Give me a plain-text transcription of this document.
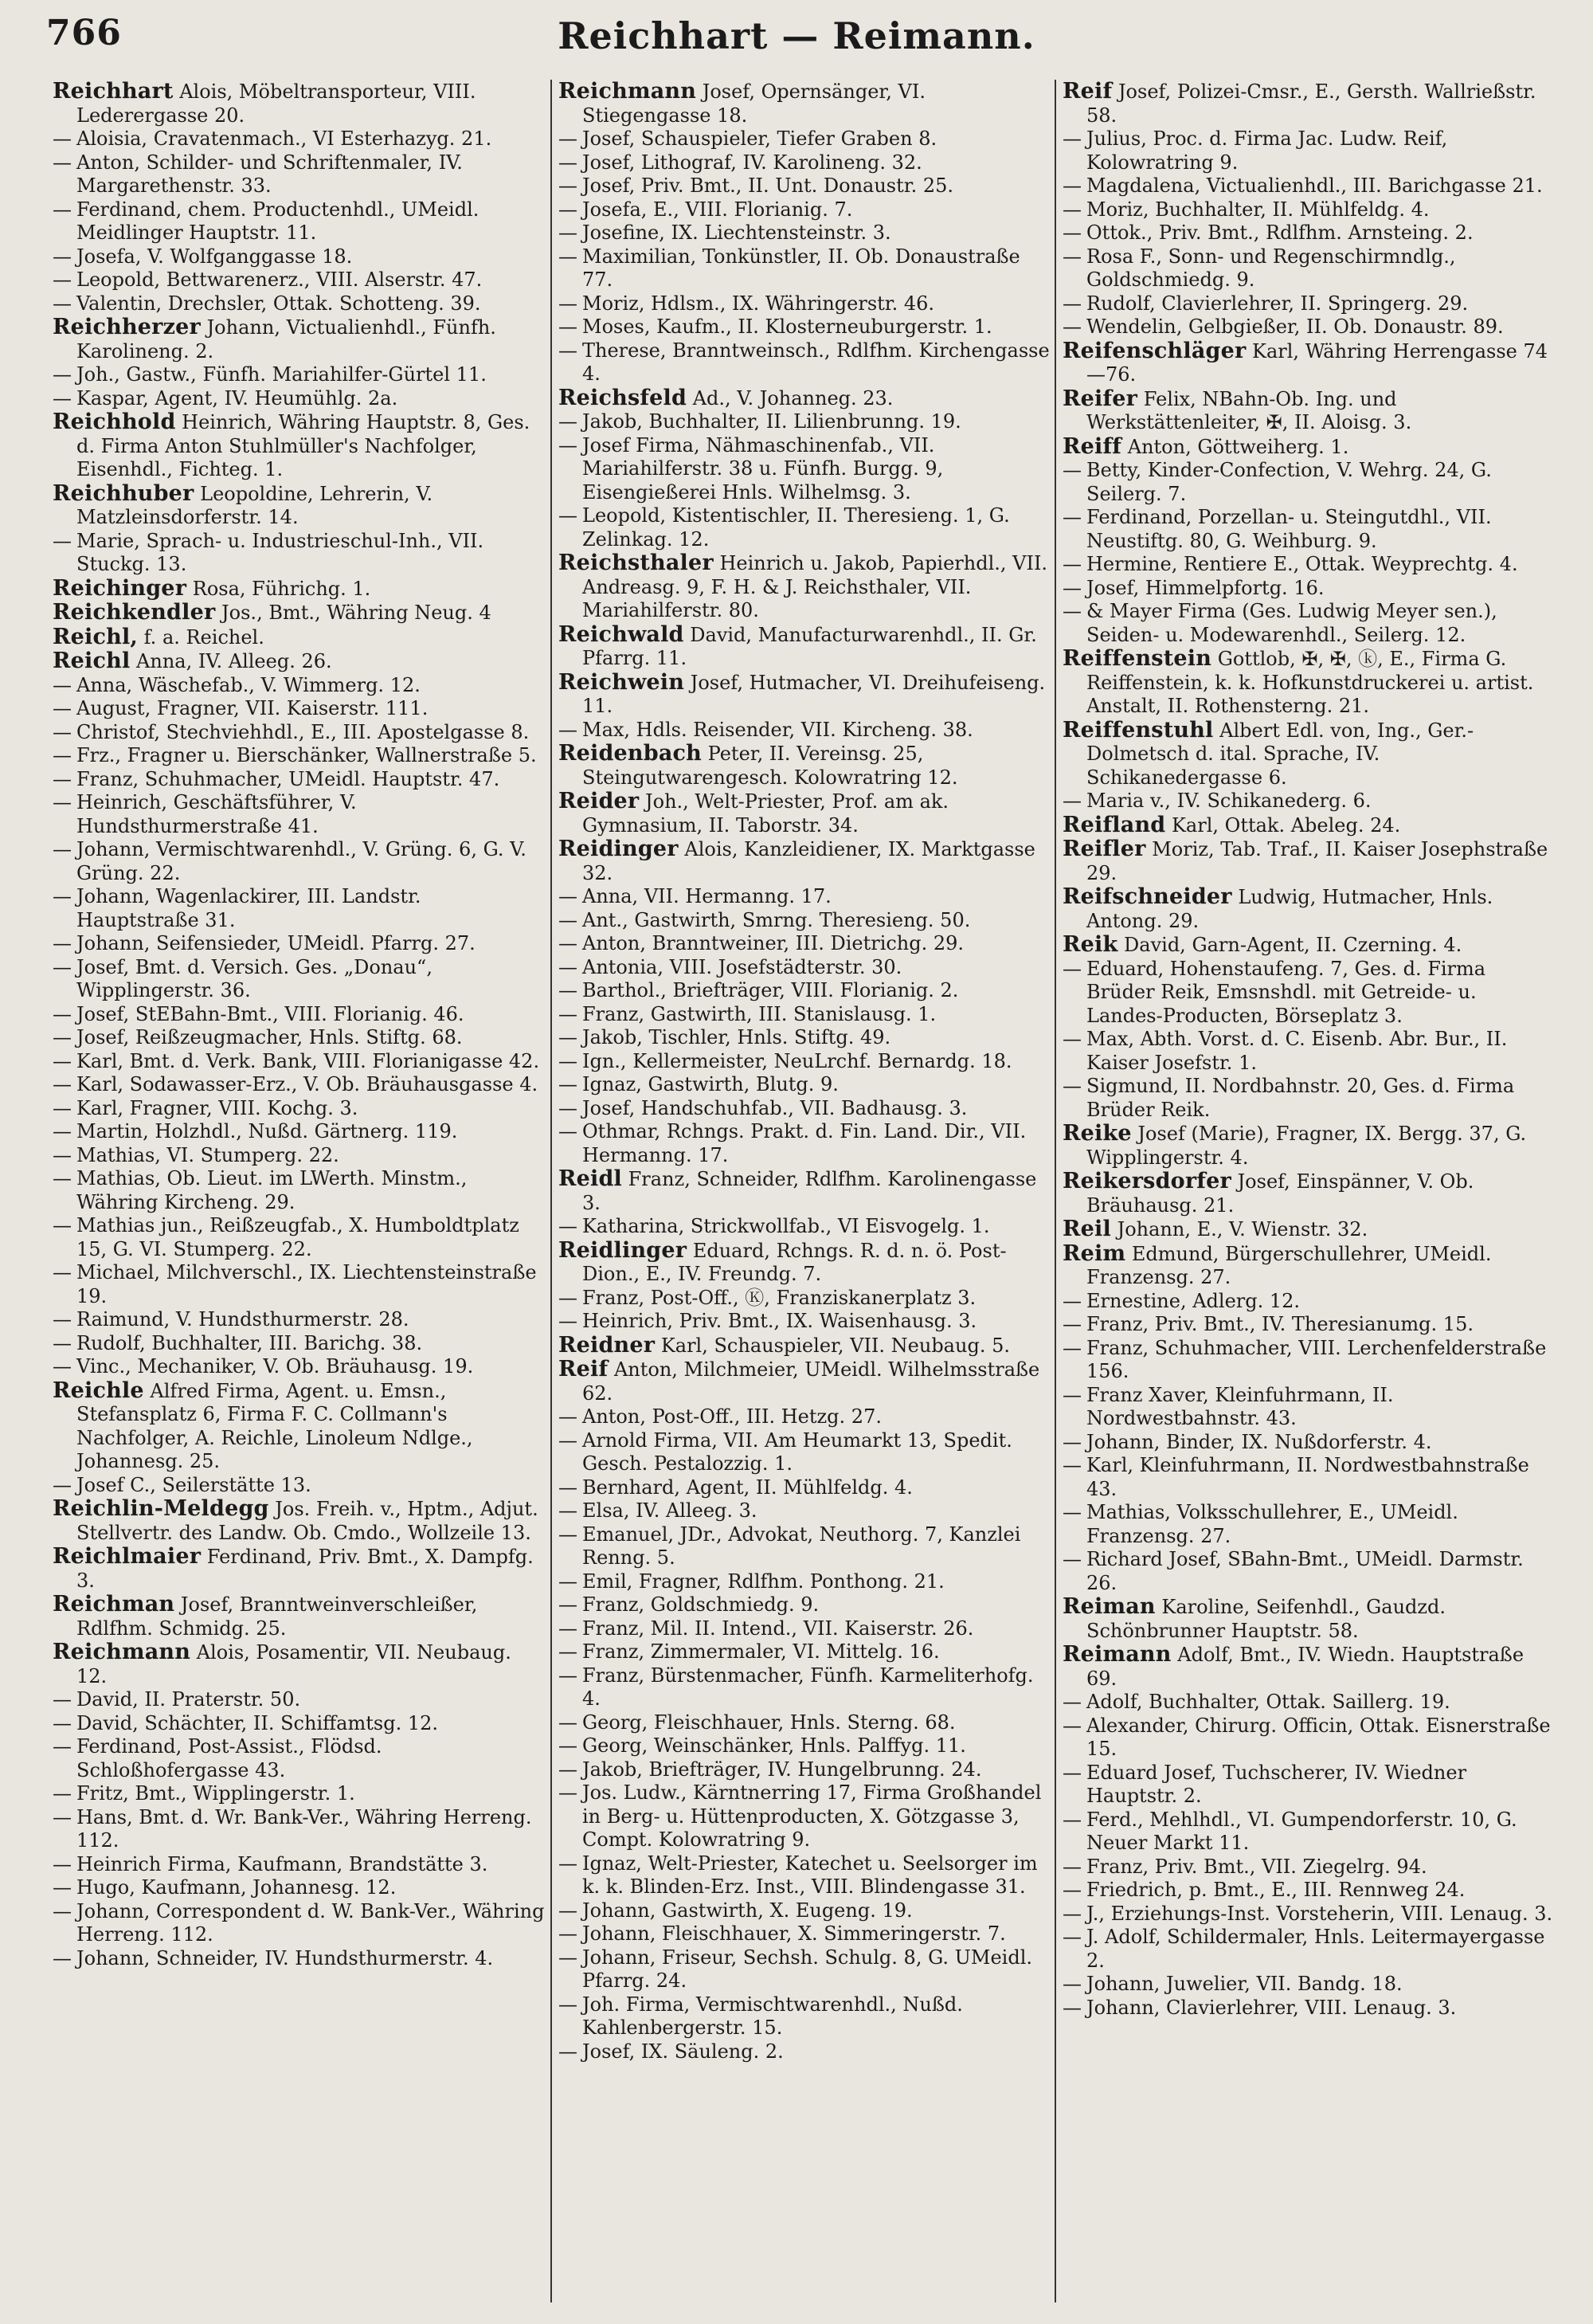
766	Reichhart — Reimann.
Reichhart Alois, Möbeltransporteur, VIII. Lederergasse 20.
— Aloisia, Cravatenmach., VI Esterhazyg. 21.
— Anton, Schilder- und Schriftenmaler, IV. Margarethenstr. 33.
— Ferdinand, chem. Productenhdl., UMeidl. Meidlinger Hauptstr. 11.
— Josefa, V. Wolfganggasse 18.
— Leopold, Bettwarenerz., VIII. Alserstr. 47.
— Valentin, Drechsler, Ottak. Schotteng. 39.
Reichherzer Johann, Victualienhdl., Fünfh. Karolineng. 2.
— Joh., Gastw., Fünfh. Mariahilfer-Gürtel 11.
— Kaspar, Agent, IV. Heumühlg. 2a.
Reichhold Heinrich, Währing Hauptstr. 8, Ges. d. Firma Anton Stuhlmüller's Nachfolger, Eisenhdl., Fichteg. 1.
Reichhuber Leopoldine, Lehrerin, V. Matzleinsdorferstr. 14.
— Marie, Sprach- u. Industrieschul-Inh., VII. Stuckg. 13.
Reichinger Rosa, Führichg. 1.
Reichkendler Jos., Bmt., Währing Neug. 4
Reichl, f. a. Reichel.
Reichl Anna, IV. Alleeg. 26.
— Anna, Wäschefab., V. Wimmerg. 12.
— August, Fragner, VII. Kaiserstr. 111.
— Christof, Stechviehhdl., E., III. Apostelgasse 8.
— Frz., Fragner u. Bierschänker, Wallnerstraße 5.
— Franz, Schuhmacher, UMeidl. Hauptstr. 47.
— Heinrich, Geschäftsführer, V. Hundsthurmerstraße 41.
— Johann, Vermischtwarenhdl., V. Grüng. 6, G. V. Grüng. 22.
— Johann, Wagenlackirer, III. Landstr. Hauptstraße 31.
— Johann, Seifensieder, UMeidl. Pfarrg. 27.
— Josef, Bmt. d. Versich. Ges. „Donau“, Wipplingerstr. 36.
— Josef, StEBahn-Bmt., VIII. Florianig. 46.
— Josef, Reißzeugmacher, Hnls. Stiftg. 68.
— Karl, Bmt. d. Verk. Bank, VIII. Florianigasse 42.
— Karl, Sodawasser-Erz., V. Ob. Bräuhausgasse 4.
— Karl, Fragner, VIII. Kochg. 3.
— Martin, Holzhdl., Nußd. Gärtnerg. 119.
— Mathias, VI. Stumperg. 22.
— Mathias, Ob. Lieut. im LWerth. Minstm., Währing Kircheng. 29.
— Mathias jun., Reißzeugfab., X. Humboldtplatz 15, G. VI. Stumperg. 22.
— Michael, Milchverschl., IX. Liechtensteinstraße 19.
— Raimund, V. Hundsthurmerstr. 28.
— Rudolf, Buchhalter, III. Barichg. 38.
— Vinc., Mechaniker, V. Ob. Bräuhausg. 19.
Reichle Alfred Firma, Agent. u. Emsn., Stefansplatz 6, Firma F. C. Collmann's Nachfolger, A. Reichle, Linoleum Ndlge., Johannesg. 25.
— Josef C., Seilerstätte 13.
Reichlin-Meldegg Jos. Freih. v., Hptm., Adjut. Stellvertr. des Landw. Ob. Cmdo., Wollzeile 13.
Reichlmaier Ferdinand, Priv. Bmt., X. Dampfg. 3.
Reichman Josef, Branntweinverschleißer, Rdlfhm. Schmidg. 25.
Reichmann Alois, Posamentir, VII. Neubaug. 12.
— David, II. Praterstr. 50.
— David, Schächter, II. Schiffamtsg. 12.
— Ferdinand, Post-Assist., Flödsd. Schloßhofergasse 43.
— Fritz, Bmt., Wipplingerstr. 1.
— Hans, Bmt. d. Wr. Bank-Ver., Währing Herreng. 112.
— Heinrich Firma, Kaufmann, Brandstätte 3.
— Hugo, Kaufmann, Johannesg. 12.
— Johann, Correspondent d. W. Bank-Ver., Währing Herreng. 112.
— Johann, Schneider, IV. Hundsthurmerstr. 4.
Reichmann Josef, Opernsänger, VI. Stiegengasse 18.
— Josef, Schauspieler, Tiefer Graben 8.
— Josef, Lithograf, IV. Karolineng. 32.
— Josef, Priv. Bmt., II. Unt. Donaustr. 25.
— Josefa, E., VIII. Florianig. 7.
— Josefine, IX. Liechtensteinstr. 3.
— Maximilian, Tonkünstler, II. Ob. Donaustraße 77.
— Moriz, Hdlsm., IX. Währingerstr. 46.
— Moses, Kaufm., II. Klosterneuburgerstr. 1.
— Therese, Branntweinsch., Rdlfhm. Kirchengasse 4.
Reichsfeld Ad., V. Johanneg. 23.
— Jakob, Buchhalter, II. Lilienbrunng. 19.
— Josef Firma, Nähmaschinenfab., VII. Mariahilferstr. 38 u. Fünfh. Burgg. 9, Eisengießerei Hnls. Wilhelmsg. 3.
— Leopold, Kistentischler, II. Theresieng. 1, G. Zelinkag. 12.
Reichsthaler Heinrich u. Jakob, Papierhdl., VII. Andreasg. 9, F. H. & J. Reichsthaler, VII. Mariahilferstr. 80.
Reichwald David, Manufacturwarenhdl., II. Gr. Pfarrg. 11.
Reichwein Josef, Hutmacher, VI. Dreihufeiseng. 11.
— Max, Hdls. Reisender, VII. Kircheng. 38.
Reidenbach Peter, II. Vereinsg. 25, Steingutwarengesch. Kolowratring 12.
Reider Joh., Welt-Priester, Prof. am ak. Gymnasium, II. Taborstr. 34.
Reidinger Alois, Kanzleidiener, IX. Marktgasse 32.
— Anna, VII. Hermanng. 17.
— Ant., Gastwirth, Smrng. Theresieng. 50.
— Anton, Branntweiner, III. Dietrichg. 29.
— Antonia, VIII. Josefstädterstr. 30.
— Barthol., Briefträger, VIII. Florianig. 2.
— Franz, Gastwirth, III. Stanislausg. 1.
— Jakob, Tischler, Hnls. Stiftg. 49.
— Ign., Kellermeister, NeuLrchf. Bernardg. 18.
— Ignaz, Gastwirth, Blutg. 9.
— Josef, Handschuhfab., VII. Badhausg. 3.
— Othmar, Rchngs. Prakt. d. Fin. Land. Dir., VII. Hermanng. 17.
Reidl Franz, Schneider, Rdlfhm. Karolinengasse 3.
— Katharina, Strickwollfab., VI Eisvogelg. 1.
Reidlinger Eduard, Rchngs. R. d. n. ö. Post-Dion., E., IV. Freundg. 7.
— Franz, Post-Off., Ⓚ, Franziskanerplatz 3.
— Heinrich, Priv. Bmt., IX. Waisenhausg. 3.
Reidner Karl, Schauspieler, VII. Neubaug. 5.
Reif Anton, Milchmeier, UMeidl. Wilhelmsstraße 62.
— Anton, Post-Off., III. Hetzg. 27.
— Arnold Firma, VII. Am Heumarkt 13, Spedit. Gesch. Pestalozzig. 1.
— Bernhard, Agent, II. Mühlfeldg. 4.
— Elsa, IV. Alleeg. 3.
— Emanuel, JDr., Advokat, Neuthorg. 7, Kanzlei Renng. 5.
— Emil, Fragner, Rdlfhm. Ponthong. 21.
— Franz, Goldschmiedg. 9.
— Franz, Mil. II. Intend., VII. Kaiserstr. 26.
— Franz, Zimmermaler, VI. Mittelg. 16.
— Franz, Bürstenmacher, Fünfh. Karmeliterhofg. 4.
— Georg, Fleischhauer, Hnls. Sterng. 68.
— Georg, Weinschänker, Hnls. Palffyg. 11.
— Jakob, Briefträger, IV. Hungelbrunng. 24.
— Jos. Ludw., Kärntnerring 17, Firma Großhandel in Berg- u. Hüttenproducten, X. Götzgasse 3, Compt. Kolowratring 9.
— Ignaz, Welt-Priester, Katechet u. Seelsorger im k. k. Blinden-Erz. Inst., VIII. Blindengasse 31.
— Johann, Gastwirth, X. Eugeng. 19.
— Johann, Fleischhauer, X. Simmeringerstr. 7.
— Johann, Friseur, Sechsh. Schulg. 8, G. UMeidl. Pfarrg. 24.
— Joh. Firma, Vermischtwarenhdl., Nußd. Kahlenbergerstr. 15.
— Josef, IX. Säuleng. 2.
Reif Josef, Polizei-Cmsr., E., Gersth. Wallrießstr. 58.
— Julius, Proc. d. Firma Jac. Ludw. Reif, Kolowratring 9.
— Magdalena, Victualienhdl., III. Barichgasse 21.
— Moriz, Buchhalter, II. Mühlfeldg. 4.
— Ottok., Priv. Bmt., Rdlfhm. Arnsteing. 2.
— Rosa F., Sonn- und Regenschirmndlg., Goldschmiedg. 9.
— Rudolf, Clavierlehrer, II. Springerg. 29.
— Wendelin, Gelbgießer, II. Ob. Donaustr. 89.
Reifenschläger Karl, Währing Herrengasse 74—76.
Reifer Felix, NBahn-Ob. Ing. und Werkstättenleiter, ✠, II. Aloisg. 3.
Reiff Anton, Göttweiherg. 1.
— Betty, Kinder-Confection, V. Wehrg. 24, G. Seilerg. 7.
— Ferdinand, Porzellan- u. Steingutdhl., VII. Neustiftg. 80, G. Weihburg. 9.
— Hermine, Rentiere E., Ottak. Weyprechtg. 4.
— Josef, Himmelpfortg. 16.
— & Mayer Firma (Ges. Ludwig Meyer sen.), Seiden- u. Modewarenhdl., Seilerg. 12.
Reiffenstein Gottlob, ✠, ✠, ⓚ, E., Firma G. Reiffenstein, k. k. Hofkunstdruckerei u. artist. Anstalt, II. Rothensterng. 21.
Reiffenstuhl Albert Edl. von, Ing., Ger.-Dolmetsch d. ital. Sprache, IV. Schikanedergasse 6.
— Maria v., IV. Schikanederg. 6.
Reifland Karl, Ottak. Abeleg. 24.
Reifler Moriz, Tab. Traf., II. Kaiser Josephstraße 29.
Reifschneider Ludwig, Hutmacher, Hnls. Antong. 29.
Reik David, Garn-Agent, II. Czerning. 4.
— Eduard, Hohenstaufeng. 7, Ges. d. Firma Brüder Reik, Emsnshdl. mit Getreide- u. Landes-Producten, Börseplatz 3.
— Max, Abth. Vorst. d. C. Eisenb. Abr. Bur., II. Kaiser Josefstr. 1.
— Sigmund, II. Nordbahnstr. 20, Ges. d. Firma Brüder Reik.
Reike Josef (Marie), Fragner, IX. Bergg. 37, G. Wipplingerstr. 4.
Reikersdorfer Josef, Einspänner, V. Ob. Bräuhausg. 21.
Reil Johann, E., V. Wienstr. 32.
Reim Edmund, Bürgerschullehrer, UMeidl. Franzensg. 27.
— Ernestine, Adlerg. 12.
— Franz, Priv. Bmt., IV. Theresianumg. 15.
— Franz, Schuhmacher, VIII. Lerchenfelderstraße 156.
— Franz Xaver, Kleinfuhrmann, II. Nordwestbahnstr. 43.
— Johann, Binder, IX. Nußdorferstr. 4.
— Karl, Kleinfuhrmann, II. Nordwestbahnstraße 43.
— Mathias, Volksschullehrer, E., UMeidl. Franzensg. 27.
— Richard Josef, SBahn-Bmt., UMeidl. Darmstr. 26.
Reiman Karoline, Seifenhdl., Gaudzd. Schönbrunner Hauptstr. 58.
Reimann Adolf, Bmt., IV. Wiedn. Hauptstraße 69.
— Adolf, Buchhalter, Ottak. Saillerg. 19.
— Alexander, Chirurg. Officin, Ottak. Eisnerstraße 15.
— Eduard Josef, Tuchscherer, IV. Wiedner Hauptstr. 2.
— Ferd., Mehlhdl., VI. Gumpendorferstr. 10, G. Neuer Markt 11.
— Franz, Priv. Bmt., VII. Ziegelrg. 94.
— Friedrich, p. Bmt., E., III. Rennweg 24.
— J., Erziehungs-Inst. Vorsteherin, VIII. Lenaug. 3.
— J. Adolf, Schildermaler, Hnls. Leitermayergasse 2.
— Johann, Juwelier, VII. Bandg. 18.
— Johann, Clavierlehrer, VIII. Lenaug. 3.
